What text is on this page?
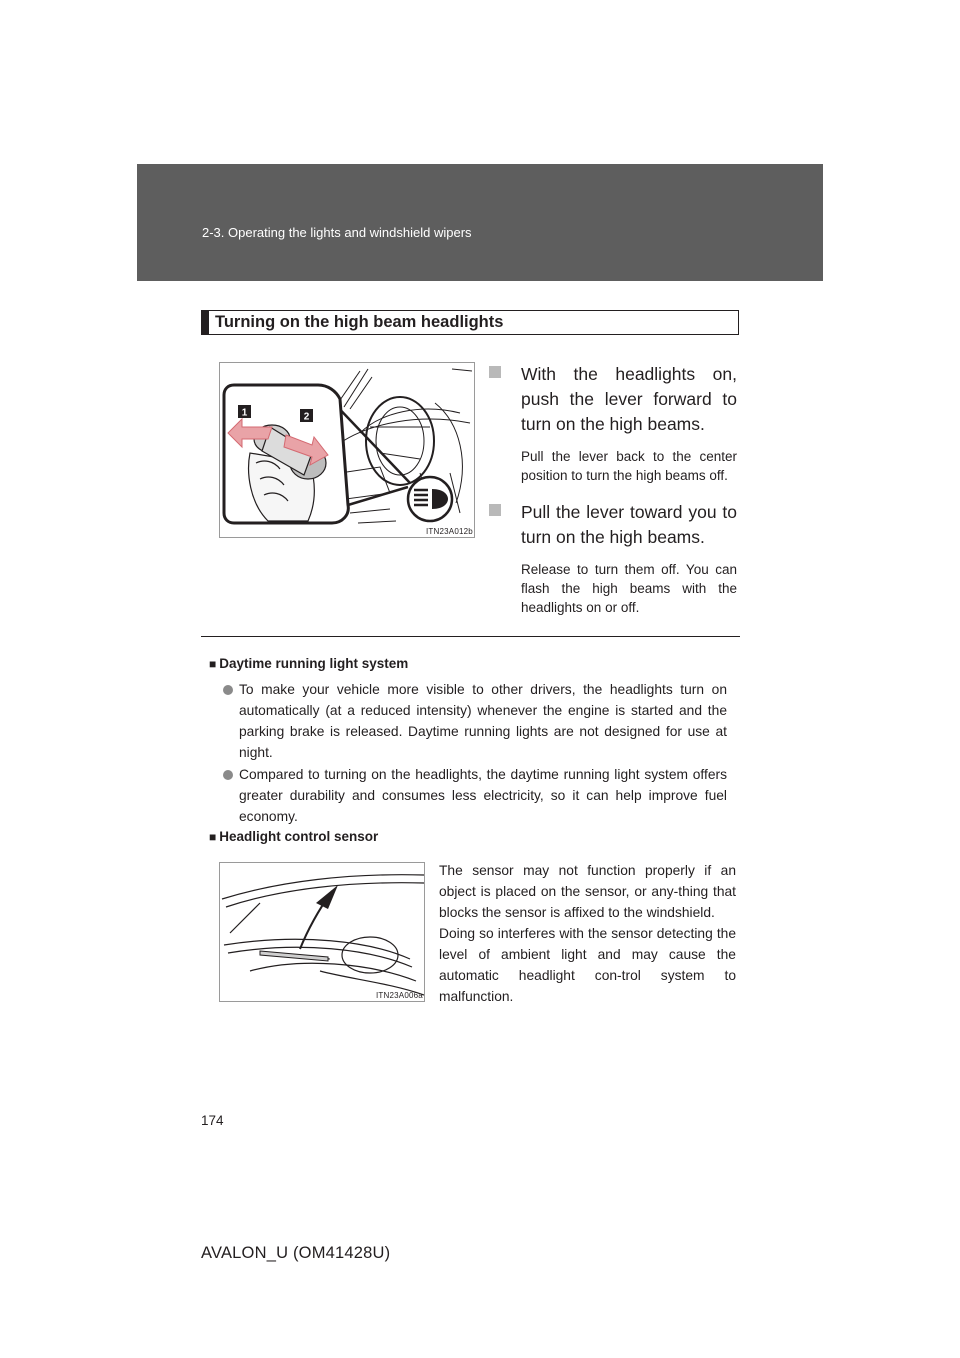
2-3. Operating the lights and windshield wipers
Turning on the high beam headlights
1	2
ITN23A012b
With the headlights on, push the lever forward to turn on the high beams.
Pull the lever back to the center position to turn the high beams off.
Pull the lever toward you to turn on the high beams.
Release to turn them off. You can flash the high beams with the headlights on or off.
■ Daytime running light system
To make your vehicle more visible to other drivers, the headlights turn on automatically (at a reduced intensity) whenever the engine is started and the parking brake is released. Daytime running lights are not designed for use at night.
Compared to turning on the headlights, the daytime running light system offers greater durability and consumes less electricity, so it can help improve fuel economy.
■ Headlight control sensor
ITN23A006a

The sensor may not function properly if an object is placed on the sensor, or any-thing that blocks the sensor is affixed to the windshield.

Doing so interferes with the sensor detecting the level of ambient light and may cause the automatic headlight con-trol system to malfunction.

174
AVALON_U (OM41428U)
